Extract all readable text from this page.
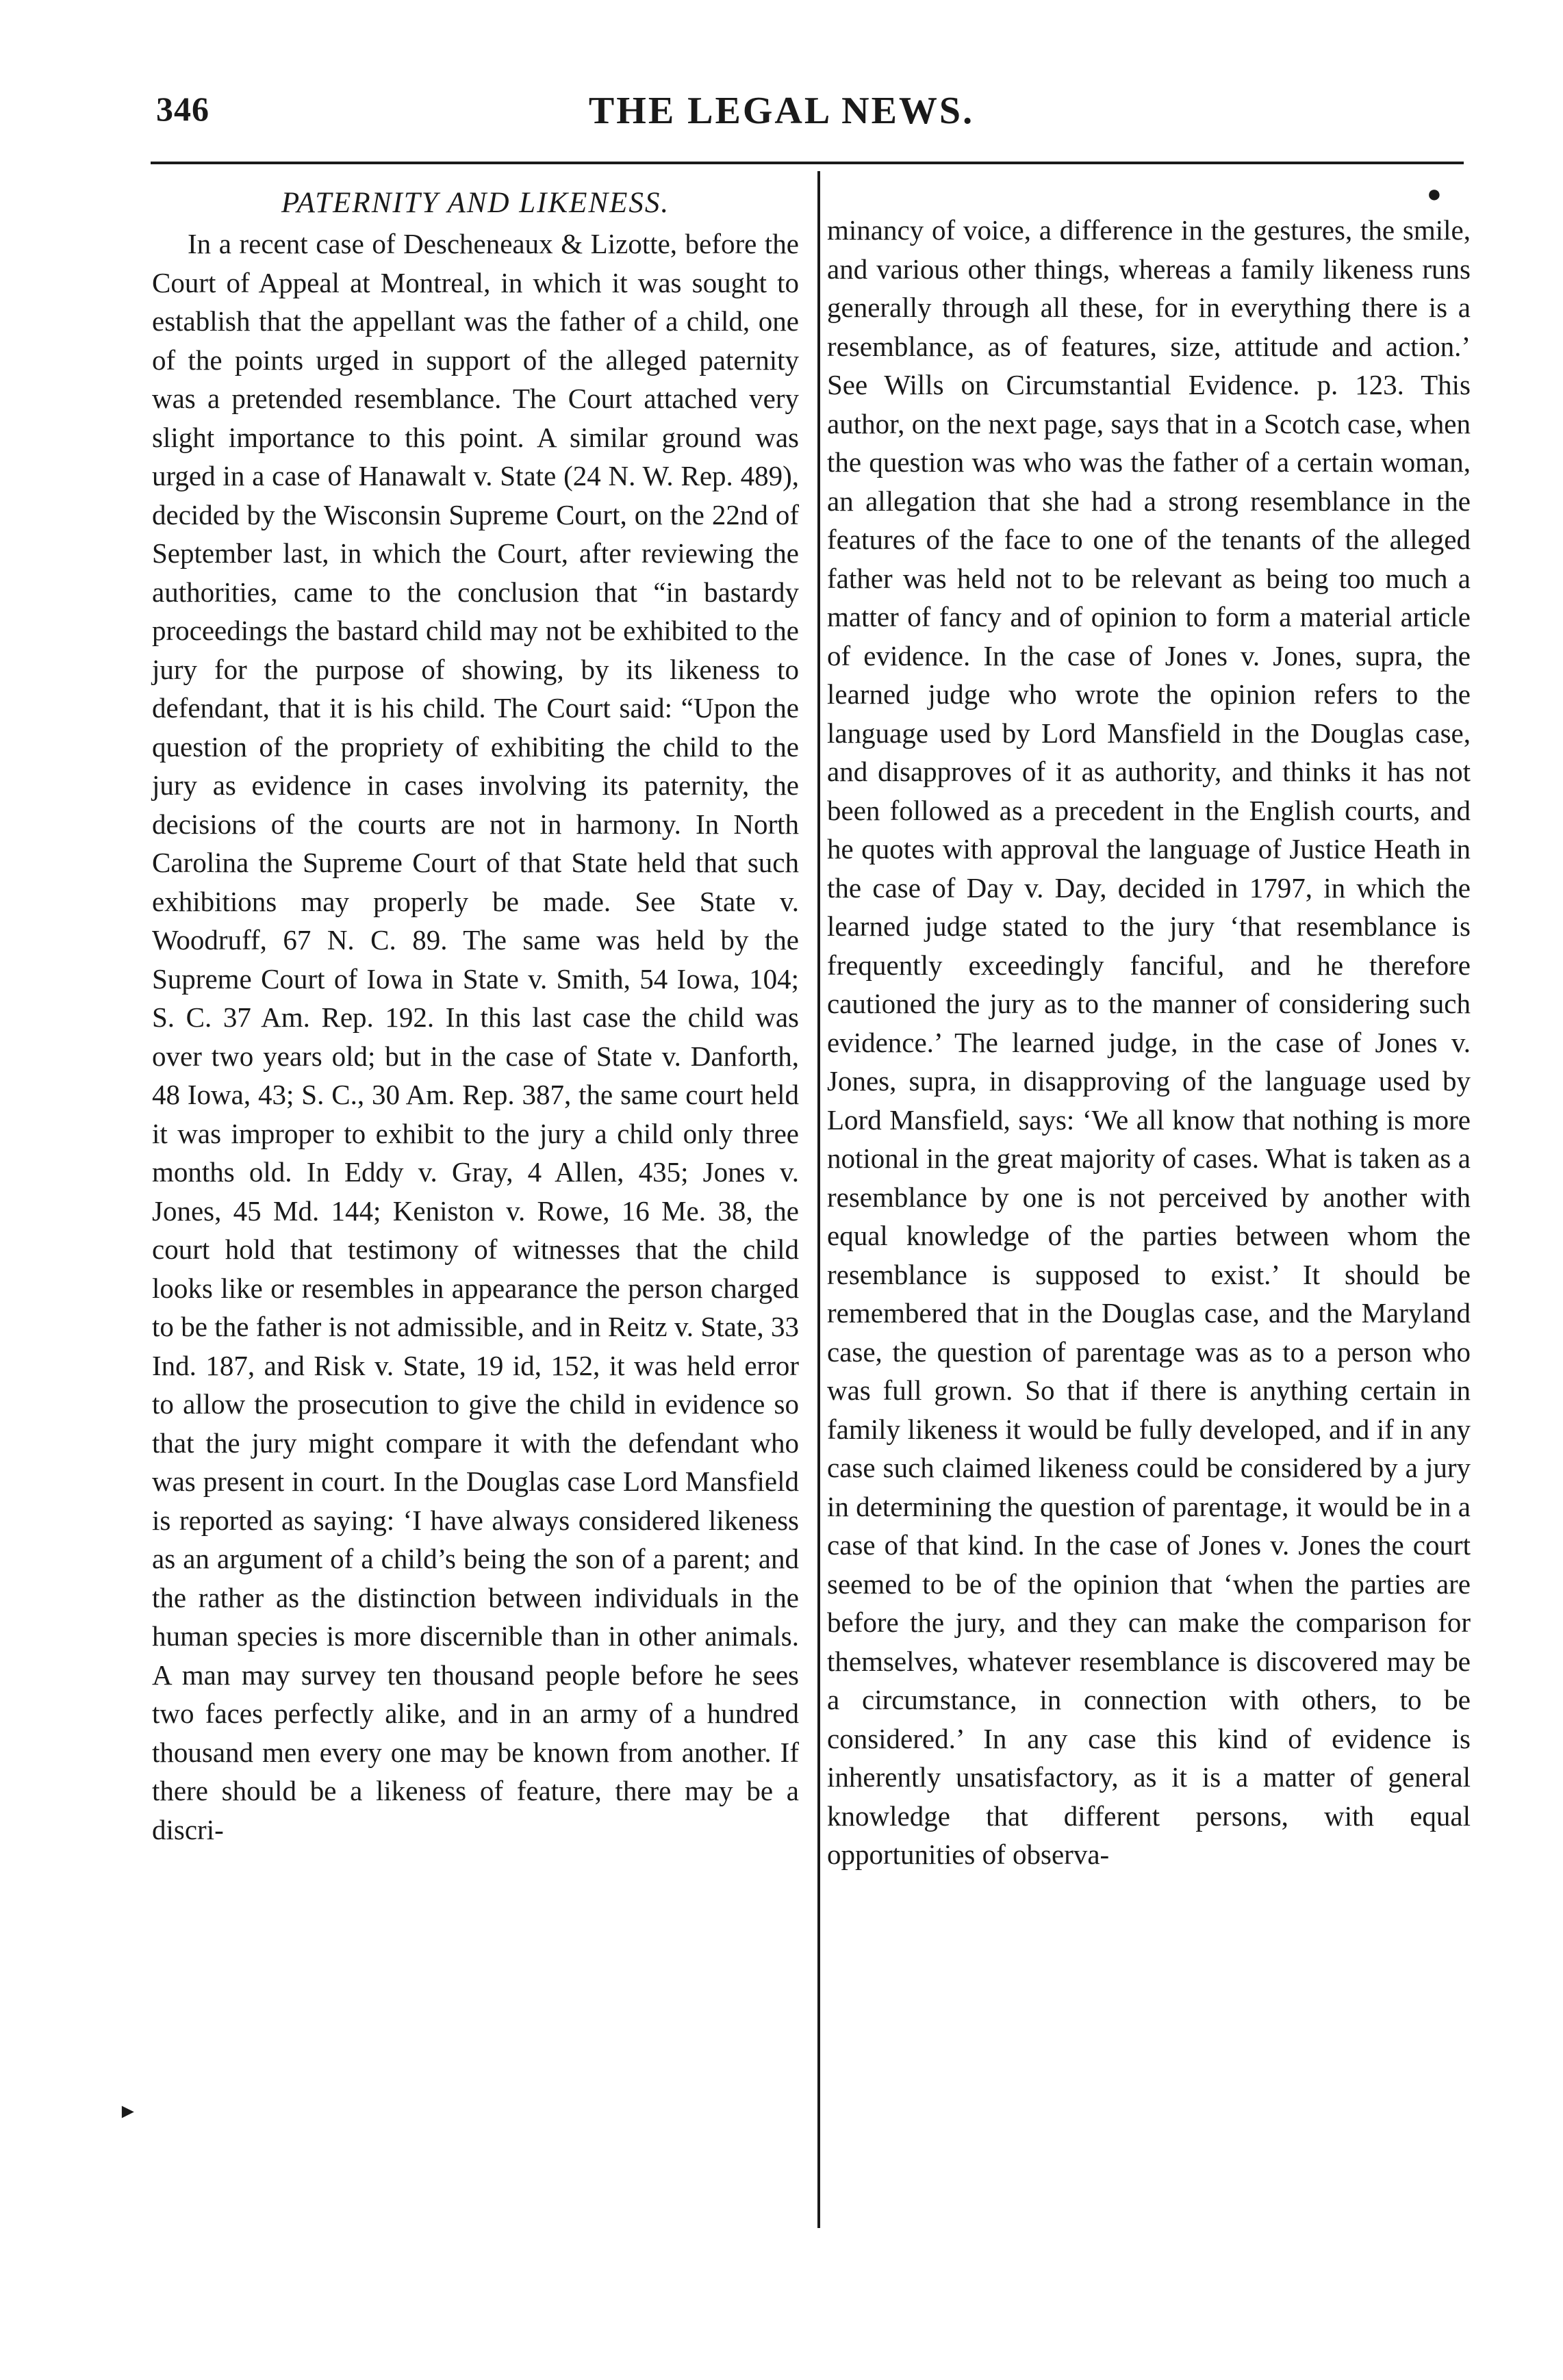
346	THE LEGAL NEWS.
●
►
PATERNITY AND LIKENESS.

In a recent case of Descheneaux & Lizotte, before the Court of Appeal at Montreal, in which it was sought to establish that the appellant was the father of a child, one of the points urged in support of the alleged paternity was a pretended resemblance. The Court attached very slight importance to this point. A similar ground was urged in a case of Hanawalt v. State (24 N. W. Rep. 489), decided by the Wisconsin Supreme Court, on the 22nd of September last, in which the Court, after reviewing the authorities, came to the conclusion that “in bastardy proceedings the bastard child may not be exhibited to the jury for the purpose of showing, by its likeness to defendant, that it is his child. The Court said: “Upon the question of the propriety of exhibiting the child to the jury as evidence in cases involving its paternity, the decisions of the courts are not in harmony. In North Carolina the Supreme Court of that State held that such exhibitions may properly be made. See State v. Woodruff, 67 N. C. 89. The same was held by the Supreme Court of Iowa in State v. Smith, 54 Iowa, 104; S. C. 37 Am. Rep. 192. In this last case the child was over two years old; but in the case of State v. Danforth, 48 Iowa, 43; S. C., 30 Am. Rep. 387, the same court held it was improper to exhibit to the jury a child only three months old. In Eddy v. Gray, 4 Allen, 435; Jones v. Jones, 45 Md. 144; Keniston v. Rowe, 16 Me. 38, the court hold that testimony of witnesses that the child looks like or resembles in appearance the person charged to be the father is not admissible, and in Reitz v. State, 33 Ind. 187, and Risk v. State, 19 id, 152, it was held error to allow the prosecution to give the child in evidence so that the jury might compare it with the defendant who was present in court. In the Douglas case Lord Mansfield is reported as saying: ‘I have always considered likeness as an argument of a child’s being the son of a parent; and the rather as the distinction between individuals in the human species is more discernible than in other animals. A man may survey ten thousand people before he sees two faces perfectly alike, and in an army of a hundred thousand men every one may be known from another. If there should be a likeness of feature, there may be a discri-

minancy of voice, a difference in the gestures, the smile, and various other things, whereas a family likeness runs generally through all these, for in everything there is a resemblance, as of features, size, attitude and action.’ See Wills on Circumstantial Evidence. p. 123. This author, on the next page, says that in a Scotch case, when the question was who was the father of a certain woman, an allegation that she had a strong resemblance in the features of the face to one of the tenants of the alleged father was held not to be relevant as being too much a matter of fancy and of opinion to form a material article of evidence. In the case of Jones v. Jones, supra, the learned judge who wrote the opinion refers to the language used by Lord Mansfield in the Douglas case, and disapproves of it as authority, and thinks it has not been followed as a precedent in the English courts, and he quotes with approval the language of Justice Heath in the case of Day v. Day, decided in 1797, in which the learned judge stated to the jury ‘that resemblance is frequently exceedingly fanciful, and he therefore cautioned the jury as to the manner of considering such evidence.’ The learned judge, in the case of Jones v. Jones, supra, in disapproving of the language used by Lord Mansfield, says: ‘We all know that nothing is more notional in the great majority of cases. What is taken as a resemblance by one is not perceived by another with equal knowledge of the parties between whom the resemblance is supposed to exist.’ It should be remembered that in the Douglas case, and the Maryland case, the question of parentage was as to a person who was full grown. So that if there is anything certain in family likeness it would be fully developed, and if in any case such claimed likeness could be considered by a jury in determining the question of parentage, it would be in a case of that kind. In the case of Jones v. Jones the court seemed to be of the opinion that ‘when the parties are before the jury, and they can make the comparison for themselves, whatever resemblance is discovered may be a circumstance, in connection with others, to be considered.’ In any case this kind of evidence is inherently unsatisfactory, as it is a matter of general knowledge that different persons, with equal opportunities of observa-
